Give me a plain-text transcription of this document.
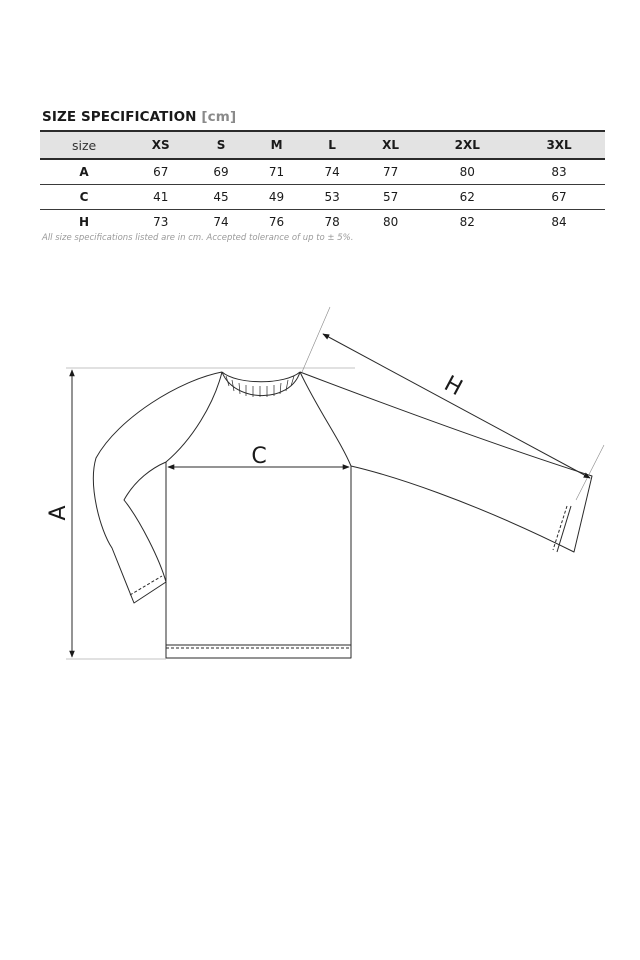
SIZE SPECIFICATION [cm]
size	XS	S	M	L	XL	2XL	3XL
A	67	69	71	74	77	80	83
C	41	45	49	53	57	62	67
H	73	74	76	78	80	82	84
All size specifications listed are in cm. Accepted tolerance of up to ± 5%.
A
C
H
